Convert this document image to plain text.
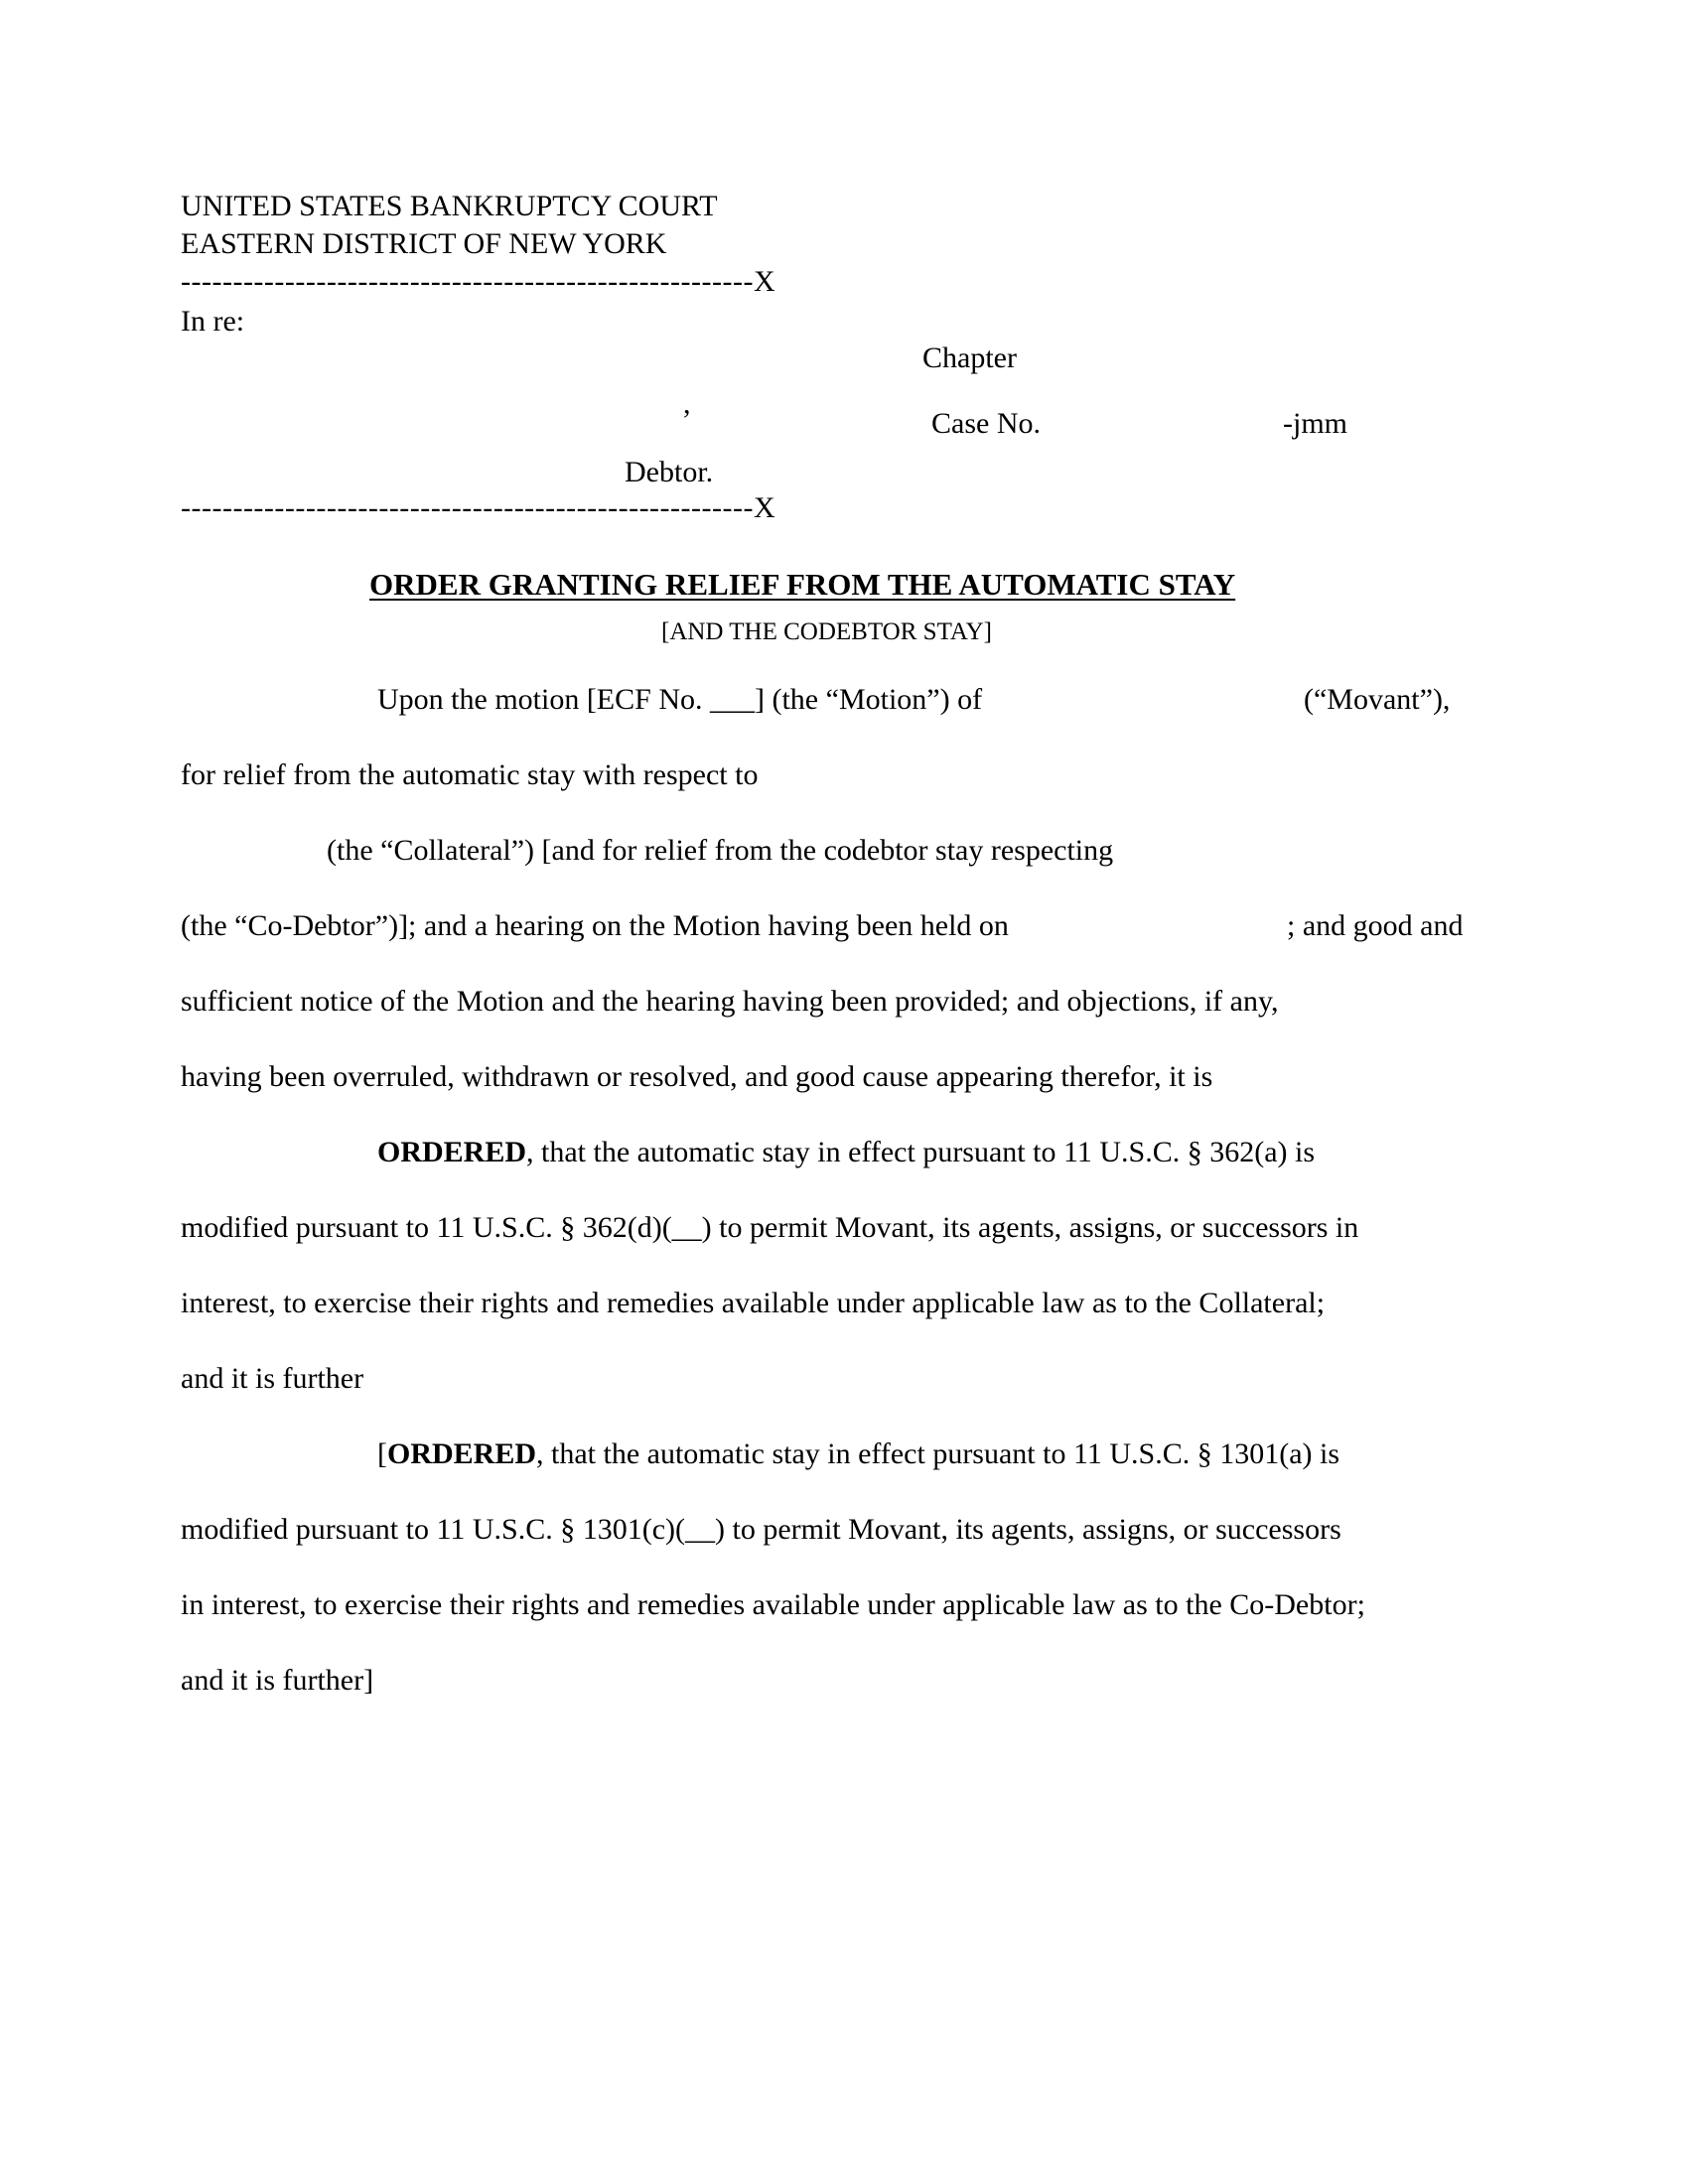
UNITED STATES BANKRUPTCY COURT
EASTERN DISTRICT OF NEW YORK
-------------------------------------------------------X
In re:
Chapter
,
Case No.	-jmm
Debtor.
-------------------------------------------------------X
ORDER GRANTING RELIEF FROM THE AUTOMATIC STAY
[AND THE CODEBTOR STAY]
Upon the motion [ECF No. ___] (the “Motion”) of	(“Movant”),
for relief from the automatic stay with respect to
(the “Collateral”) [and for relief from the codebtor stay respecting
(the “Co-Debtor”)]; and a hearing on the Motion having been held on	; and good and
sufficient notice of the Motion and the hearing having been provided; and objections, if any,
having been overruled, withdrawn or resolved, and good cause appearing therefor, it is
ORDERED, that the automatic stay in effect pursuant to 11 U.S.C. § 362(a) is
modified pursuant to 11 U.S.C. § 362(d)(__) to permit Movant, its agents, assigns, or successors in
interest, to exercise their rights and remedies available under applicable law as to the Collateral;
and it is further
[ORDERED, that the automatic stay in effect pursuant to 11 U.S.C. § 1301(a) is
modified pursuant to 11 U.S.C. § 1301(c)(__) to permit Movant, its agents, assigns, or successors
in interest, to exercise their rights and remedies available under applicable law as to the Co-Debtor;
and it is further]
